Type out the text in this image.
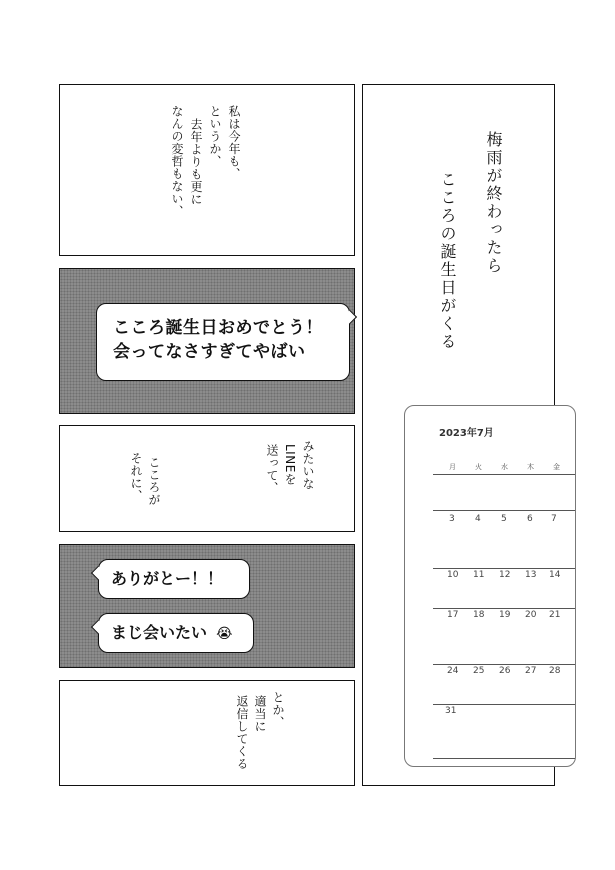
私は今年も、
というか、
去年よりも更に
なんの変哲もない、
こころ誕生日おめでとう！
会ってなさすぎてやばい
みたいな
LINEを
送って、
こころが
それに、
ありがとー！！
まじ会いたい 😭
とか、
適当に
返信してくる
梅雨が終わったら
こころの誕生日がくる
2023年7月
月	火	水	木	金
3 4 5 6 7
10 11 12 13 14
17 18 19 20 21
24 25 26 27 28
31
